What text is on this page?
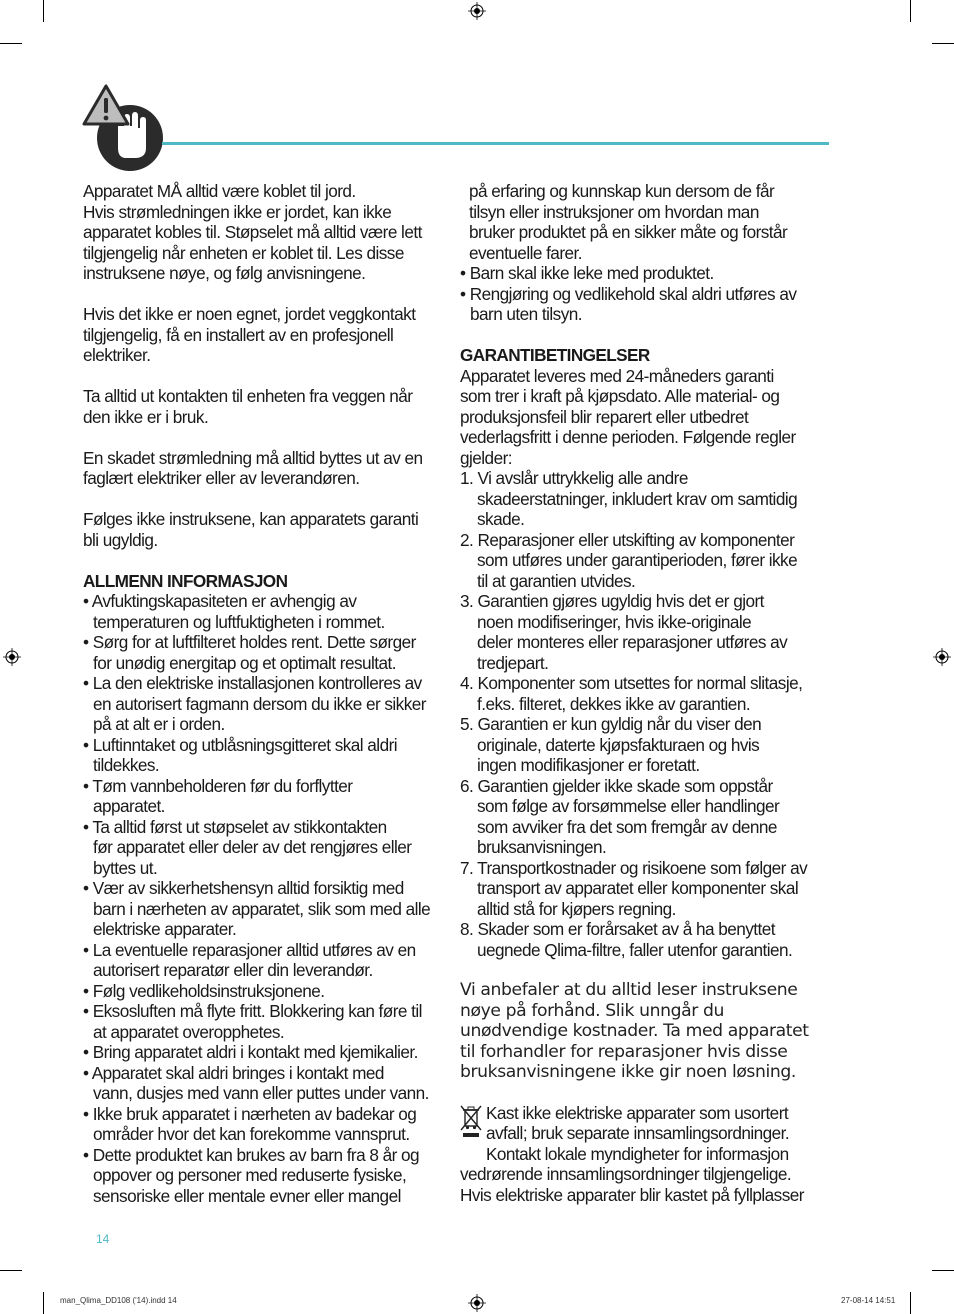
Apparatet MÅ alltid være koblet til jord.
Hvis strømledningen ikke er jordet, kan ikke
apparatet kobles til. Støpselet må alltid være lett
tilgjengelig når enheten er koblet til. Les disse
instruksene nøye, og følg anvisningene.

Hvis det ikke er noen egnet, jordet veggkontakt
tilgjengelig, få en installert av en profesjonell
elektriker.

Ta alltid ut kontakten til enheten fra veggen når
den ikke er i bruk.

En skadet strømledning må alltid byttes ut av en
faglært elektriker eller av leverandøren.

Følges ikke instruksene, kan apparatets garanti
bli ugyldig.

ALLMENN INFORMASJON

• Avfuktingskapasiteten er avhengig av
temperaturen og luftfuktigheten i rommet.
• Sørg for at luftfilteret holdes rent. Dette sørger
for unødig energitap og et optimalt resultat.
• La den elektriske installasjonen kontrolleres av
en autorisert fagmann dersom du ikke er sikker
på at alt er i orden.
• Luftinntaket og utblåsningsgitteret skal aldri
tildekkes.
• Tøm vannbeholderen før du forflytter
apparatet.
• Ta alltid først ut støpselet av stikkontakten
før apparatet eller deler av det rengjøres eller
byttes ut.
• Vær av sikkerhetshensyn alltid forsiktig med
barn i nærheten av apparatet, slik som med alle
elektriske apparater.
• La eventuelle reparasjoner alltid utføres av en
autorisert reparatør eller din leverandør.
• Følg vedlikeholdsinstruksjonene.
• Eksosluften må flyte fritt. Blokkering kan føre til
at apparatet overopphetes.
• Bring apparatet aldri i kontakt med kjemikalier.
• Apparatet skal aldri bringes i kontakt med
vann, dusjes med vann eller puttes under vann.
• Ikke bruk apparatet i nærheten av badekar og
områder hvor det kan forekomme vannsprut.
• Dette produktet kan brukes av barn fra 8 år og
oppover og personer med reduserte fysiske,
sensoriske eller mentale evner eller mangel

på erfaring og kunnskap kun dersom de får
tilsyn eller instruksjoner om hvordan man
bruker produktet på en sikker måte og forstår
eventuelle farer.

• Barn skal ikke leke med produktet.
• Rengjøring og vedlikehold skal aldri utføres av
barn uten tilsyn.

GARANTIBETINGELSER

Apparatet leveres med 24-måneders garanti
som trer i kraft på kjøpsdato. Alle material- og
produksjonsfeil blir reparert eller utbedret
vederlagsfritt i denne perioden. Følgende regler
gjelder:

1. Vi avslår uttrykkelig alle andre
skadeerstatninger, inkludert krav om samtidig
skade.
2. Reparasjoner eller utskifting av komponenter
som utføres under garantiperioden, fører ikke
til at garantien utvides.
3. Garantien gjøres ugyldig hvis det er gjort
noen modifiseringer, hvis ikke-originale
deler monteres eller reparasjoner utføres av
tredjepart.
4. Komponenter som utsettes for normal slitasje,
f.eks. filteret, dekkes ikke av garantien.
5. Garantien er kun gyldig når du viser den
originale, daterte kjøpsfakturaen og hvis
ingen modifikasjoner er foretatt.
6. Garantien gjelder ikke skade som oppstår
som følge av forsømmelse eller handlinger
som avviker fra det som fremgår av denne
bruksanvisningen.
7. Transportkostnader og risikoene som følger av
transport av apparatet eller komponenter skal
alltid stå for kjøpers regning.
8. Skader som er forårsaket av å ha benyttet
uegnede Qlima-filtre, faller utenfor garantien.

Vi anbefaler at du alltid leser instruksene
nøye på forhånd. Slik unngår du
unødvendige kostnader. Ta med apparatet
til forhandler for reparasjoner hvis disse
bruksanvisningene ikke gir noen løsning.

Kast ikke elektriske apparater som usortert
avfall; bruk separate innsamlingsordninger.
Kontakt lokale myndigheter for informasjon
vedrørende innsamlingsordninger tilgjengelige.
Hvis elektriske apparater blir kastet på fyllplasser

14
man_Qlima_DD108 ('14).indd 14	27-08-14 14:51
